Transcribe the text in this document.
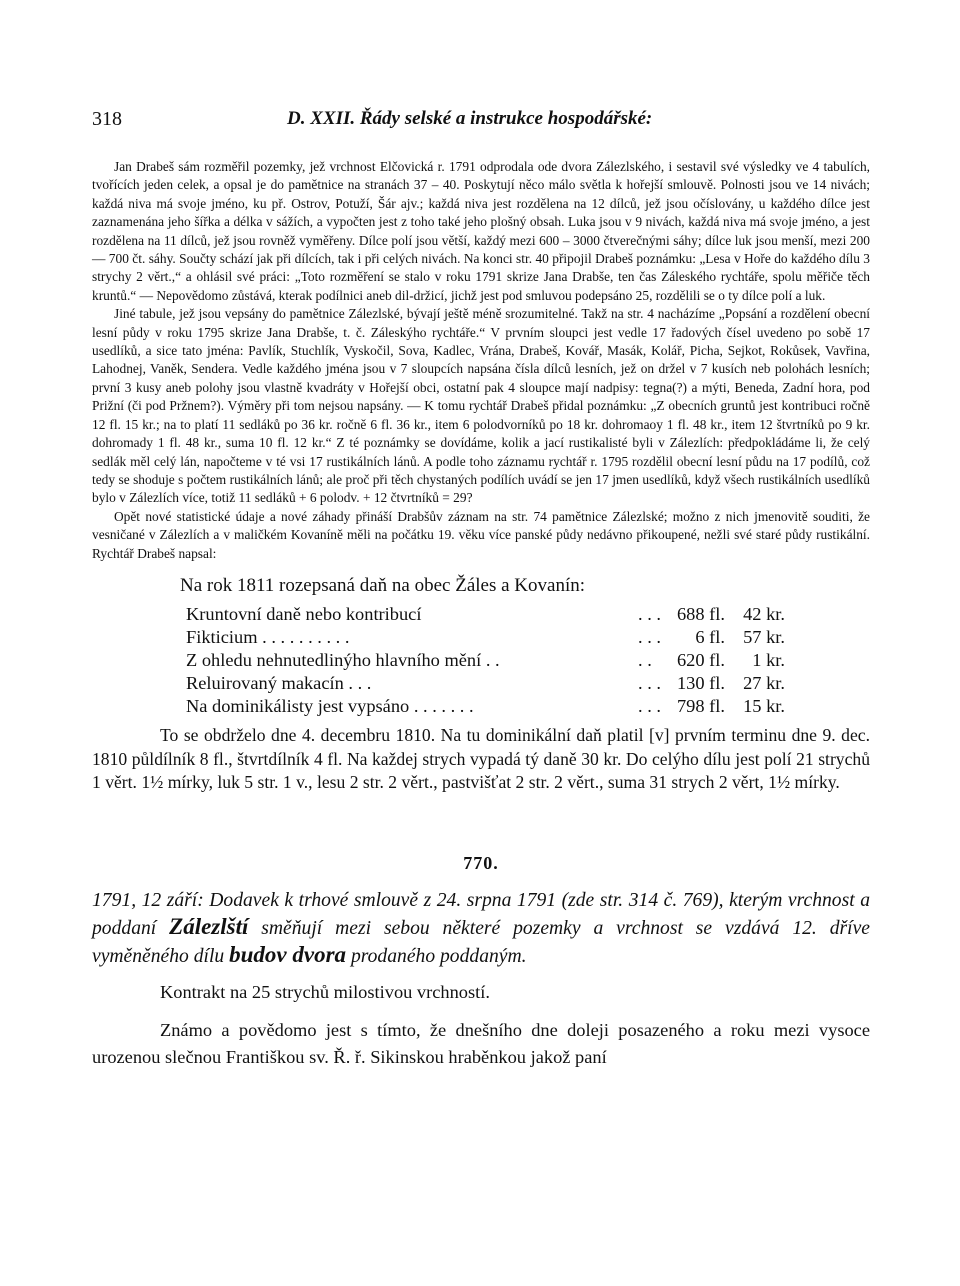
318	D. XXII. Řády selské a instrukce hospodářské:

Jan Drabeš sám rozměřil pozemky, jež vrchnost Elčovická r. 1791 odprodala ode dvora Zálezlského, i sestavil své výsledky ve 4 tabulích, tvořících jeden celek, a opsal je do pamětnice na stranách 37 – 40. Poskytují něco málo světla k hořejší smlouvě. Polnosti jsou ve 14 nivách; každá niva má svoje jméno, ku př. Ostrov, Potuží, Šár ajv.; každá niva jest rozdělena na 12 dílců, jež jsou očíslovány, u každého dílce jest zaznamenána jeho šířka a délka v sážích, a vypočten jest z toho také jeho plošný obsah. Luka jsou v 9 nivách, každá niva má svoje jméno, a jest rozdělena na 11 dílců, jež jsou rovněž vyměřeny. Dílce polí jsou větší, každý mezi 600 – 3000 čtverečnými sáhy; dílce luk jsou menší, mezi 200 — 700 čt. sáhy. Součty schází jak při dílcích, tak i při celých nivách. Na konci str. 40 připojil Drabeš poznámku: „Lesa v Hoře do každého dílu 3 strychy 2 věrt.,“ a ohlásil své práci: „Toto rozměření se stalo v roku 1791 skrize Jana Drabše, ten čas Záleského rychtáře, spolu měřiče těch kruntů.“ — Nepovědomo zůstává, kterak podílnici aneb dil-držicí, jichž jest pod smluvou podepsáno 25, rozdělili se o ty dílce polí a luk.

Jiné tabule, jež jsou vepsány do pamětnice Zálezlské, bývají ještě méně srozumitelné. Takž na str. 4 nacházíme „Popsání a rozdělení obecní lesní půdy v roku 1795 skrize Jana Drabše, t. č. Záleskýho rychtáře.“ V prvním sloupci jest vedle 17 řadových čísel uvedeno po sobě 17 usedlíků, a sice tato jména: Pavlík, Stuchlík, Vyskočil, Sova, Kadlec, Vrána, Drabeš, Kovář, Masák, Kolář, Picha, Sejkot, Rokůsek, Vavřina, Lahodnej, Vaněk, Sendera. Vedle každého jména jsou v 7 sloupcích napsána čísla dílců lesních, jež on držel v 7 kusích neb polohách lesních; první 3 kusy aneb polohy jsou vlastně kvadráty v Hořejší obci, ostatní pak 4 sloupce mají nadpisy: tegna(?) a mýti, Beneda, Zadní hora, pod Prižní (či pod Pržnem?). Výměry při tom nejsou napsány. — K tomu rychtář Drabeš přidal poznámku: „Z obecních gruntů jest kontribuci ročně 12 fl. 15 kr.; na to platí 11 sedláků po 36 kr. ročně 6 fl. 36 kr., item 6 polodvorníků po 18 kr. dohromaoy 1 fl. 48 kr., item 12 štvrtníků po 9 kr. dohromady 1 fl. 48 kr., suma 10 fl. 12 kr.“ Z té poznámky se dovídáme, kolik a jací rustikalisté byli v Zálezlích: předpokládáme li, že celý sedlák měl celý lán, napočteme v té vsi 17 rustikálních lánů. A podle toho záznamu rychtář r. 1795 rozdělil obecní lesní půdu na 17 podílů, což tedy se shoduje s počtem rustikálních lánů; ale proč při těch chystaných podílích uvádí se jen 17 jmen usedlíků, když všech rustikálních usedlíků bylo v Zálezlích více, totiž 11 sedláků + 6 polodv. + 12 čtvrtníků = 29?

Opět nové statistické údaje a nové záhady přináší Drabšův záznam na str. 74 pamětnice Zálezlské; možno z nich jmenovitě souditi, že vesničané v Zálezlích a v maličkém Kovaníně měli na počátku 19. věku více panské půdy nedávno přikoupené, nežli své staré půdy rustikální. Rychtář Drabeš napsal:

Na rok 1811 rozepsaná daň na obec Žáles a Kovanín:
Kruntovní daně nebo kontribucí	. . .	688 fl.	42 kr.
Fikticium . . . . . . . . . .	. . .	6 fl.	57 kr.
Z ohledu nehnutedlinýho hlavního mění . .	. .	620 fl.	1 kr.
Reluirovaný makacín . . .	. . .	130 fl.	27 kr.
Na dominikálisty jest vypsáno . . . . . . .	. . .	798 fl.	15 kr.

To se obdrželo dne 4. decembru 1810. Na tu dominikální daň platil [v] prvním terminu dne 9. dec. 1810 půldílník 8 fl., štvrtdílník 4 fl. Na každej strych vypadá tý daně 30 kr. Do celýho dílu jest polí 21 strychů 1 věrt. 1½ mírky, luk 5 str. 1 v., lesu 2 str. 2 věrt., pastvišťat 2 str. 2 věrt., suma 31 strych 2 věrt, 1½ mírky.

770.

1791, 12 září: Dodavek k trhové smlouvě z 24. srpna 1791 (zde str. 314 č. 769), kterým vrchnost a poddaní Zálezlští směňují mezi sebou některé pozemky a vrchnost se vzdává 12. dříve vyměněného dílu budov dvora prodaného poddaným.

Kontrakt na 25 strychů milostivou vrchností.

Známo a povědomo jest s tímto, že dnešního dne doleji posazeného a roku mezi vysoce urozenou slečnou Františkou sv. Ř. ř. Sikinskou hraběnkou jakož paní
